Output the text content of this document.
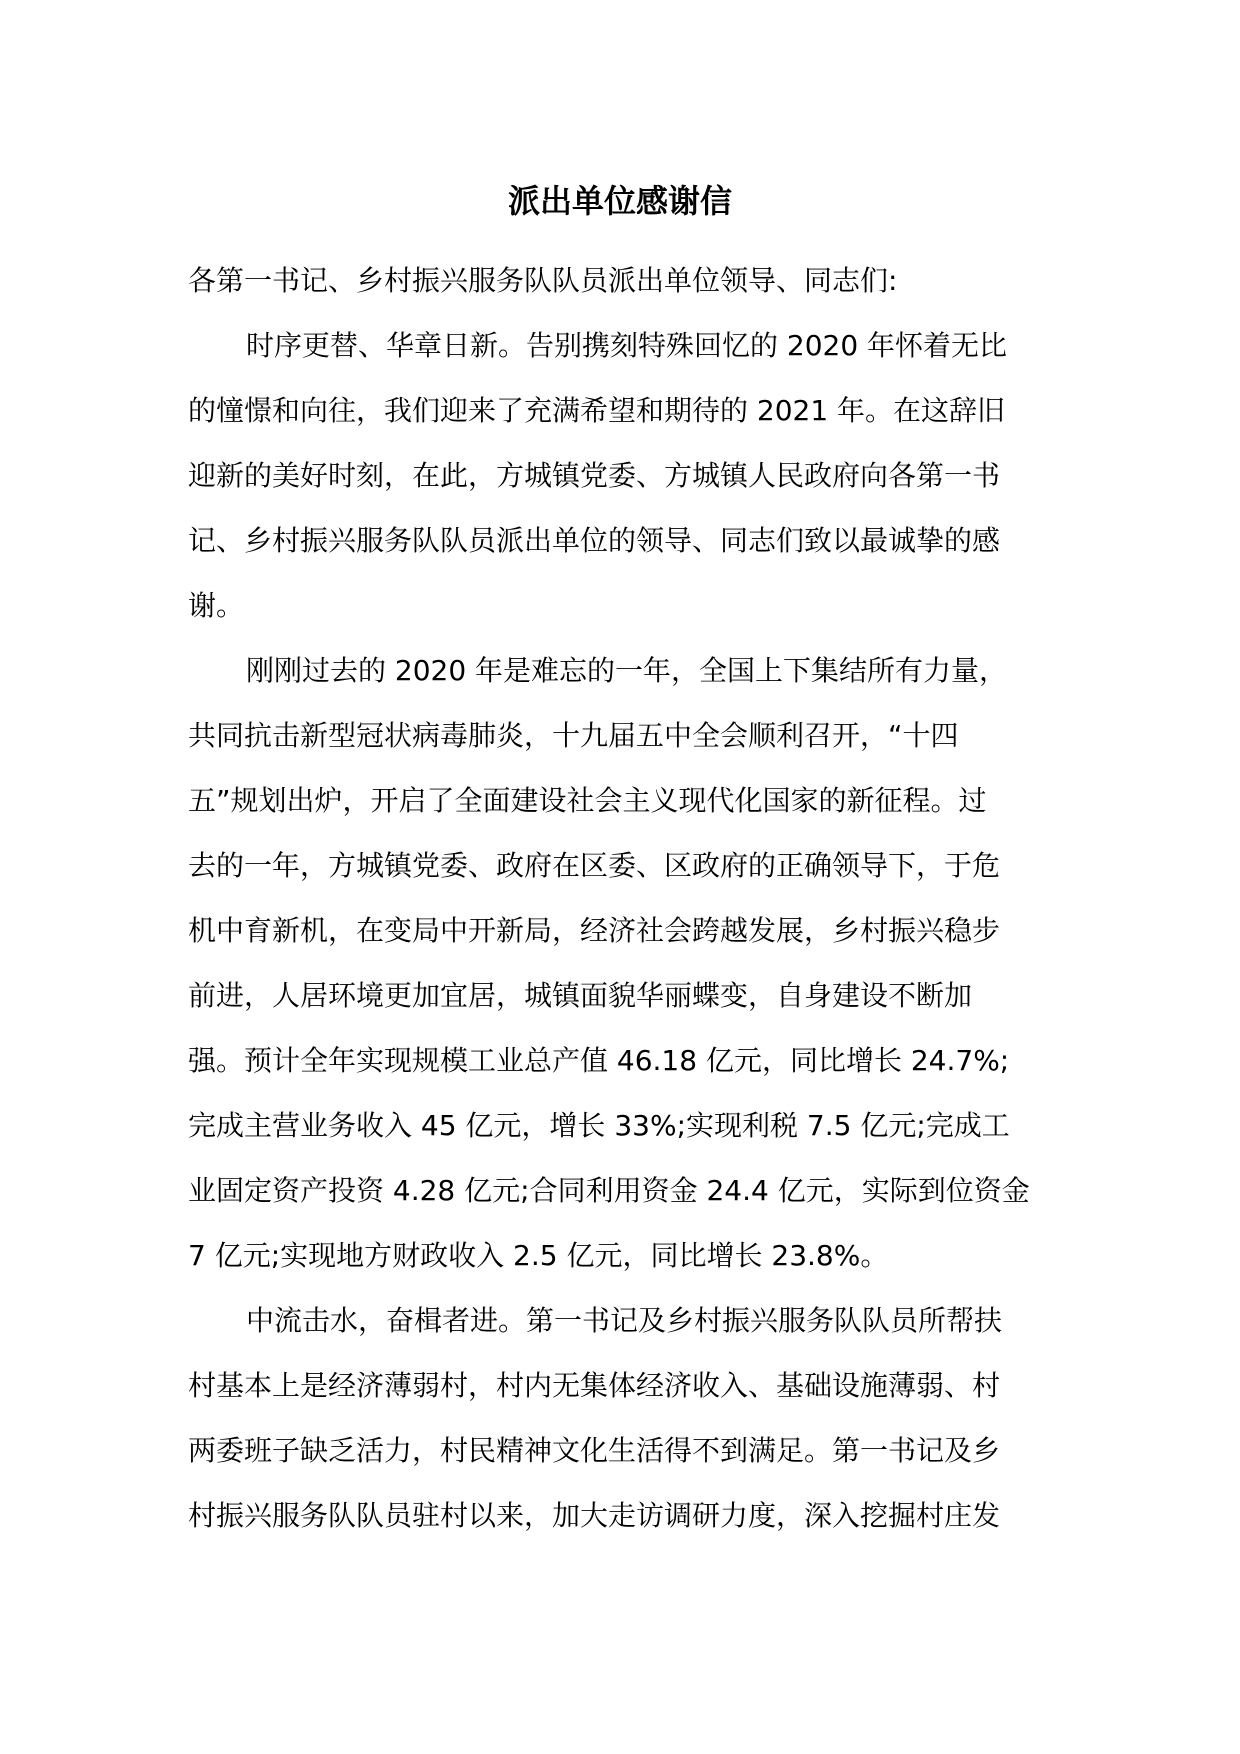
派出单位感谢信

各第一书记、乡村振兴服务队队员派出单位领导、同志们:

时序更替、华章日新。告别携刻特殊回忆的 2020 年怀着无比
的憧憬和向往，我们迎来了充满希望和期待的 2021 年。在这辞旧
迎新的美好时刻，在此，方城镇党委、方城镇人民政府向各第一书
记、乡村振兴服务队队员派出单位的领导、同志们致以最诚挚的感
谢。

刚刚过去的 2020 年是难忘的一年，全国上下集结所有力量，
共同抗击新型冠状病毒肺炎，十九届五中全会顺利召开，“十四
五”规划出炉，开启了全面建设社会主义现代化国家的新征程。过
去的一年，方城镇党委、政府在区委、区政府的正确领导下，于危
机中育新机，在变局中开新局，经济社会跨越发展，乡村振兴稳步
前进，人居环境更加宜居，城镇面貌华丽蝶变，自身建设不断加
强。预计全年实现规模工业总产值 46.18 亿元，同比增长 24.7%;
完成主营业务收入 45 亿元，增长 33%;实现利税 7.5 亿元;完成工
业固定资产投资 4.28 亿元;合同利用资金 24.4 亿元，实际到位资金
7 亿元;实现地方财政收入 2.5 亿元，同比增长 23.8%。

中流击水，奋楫者进。第一书记及乡村振兴服务队队员所帮扶
村基本上是经济薄弱村，村内无集体经济收入、基础设施薄弱、村
两委班子缺乏活力，村民精神文化生活得不到满足。第一书记及乡
村振兴服务队队员驻村以来，加大走访调研力度，深入挖掘村庄发
